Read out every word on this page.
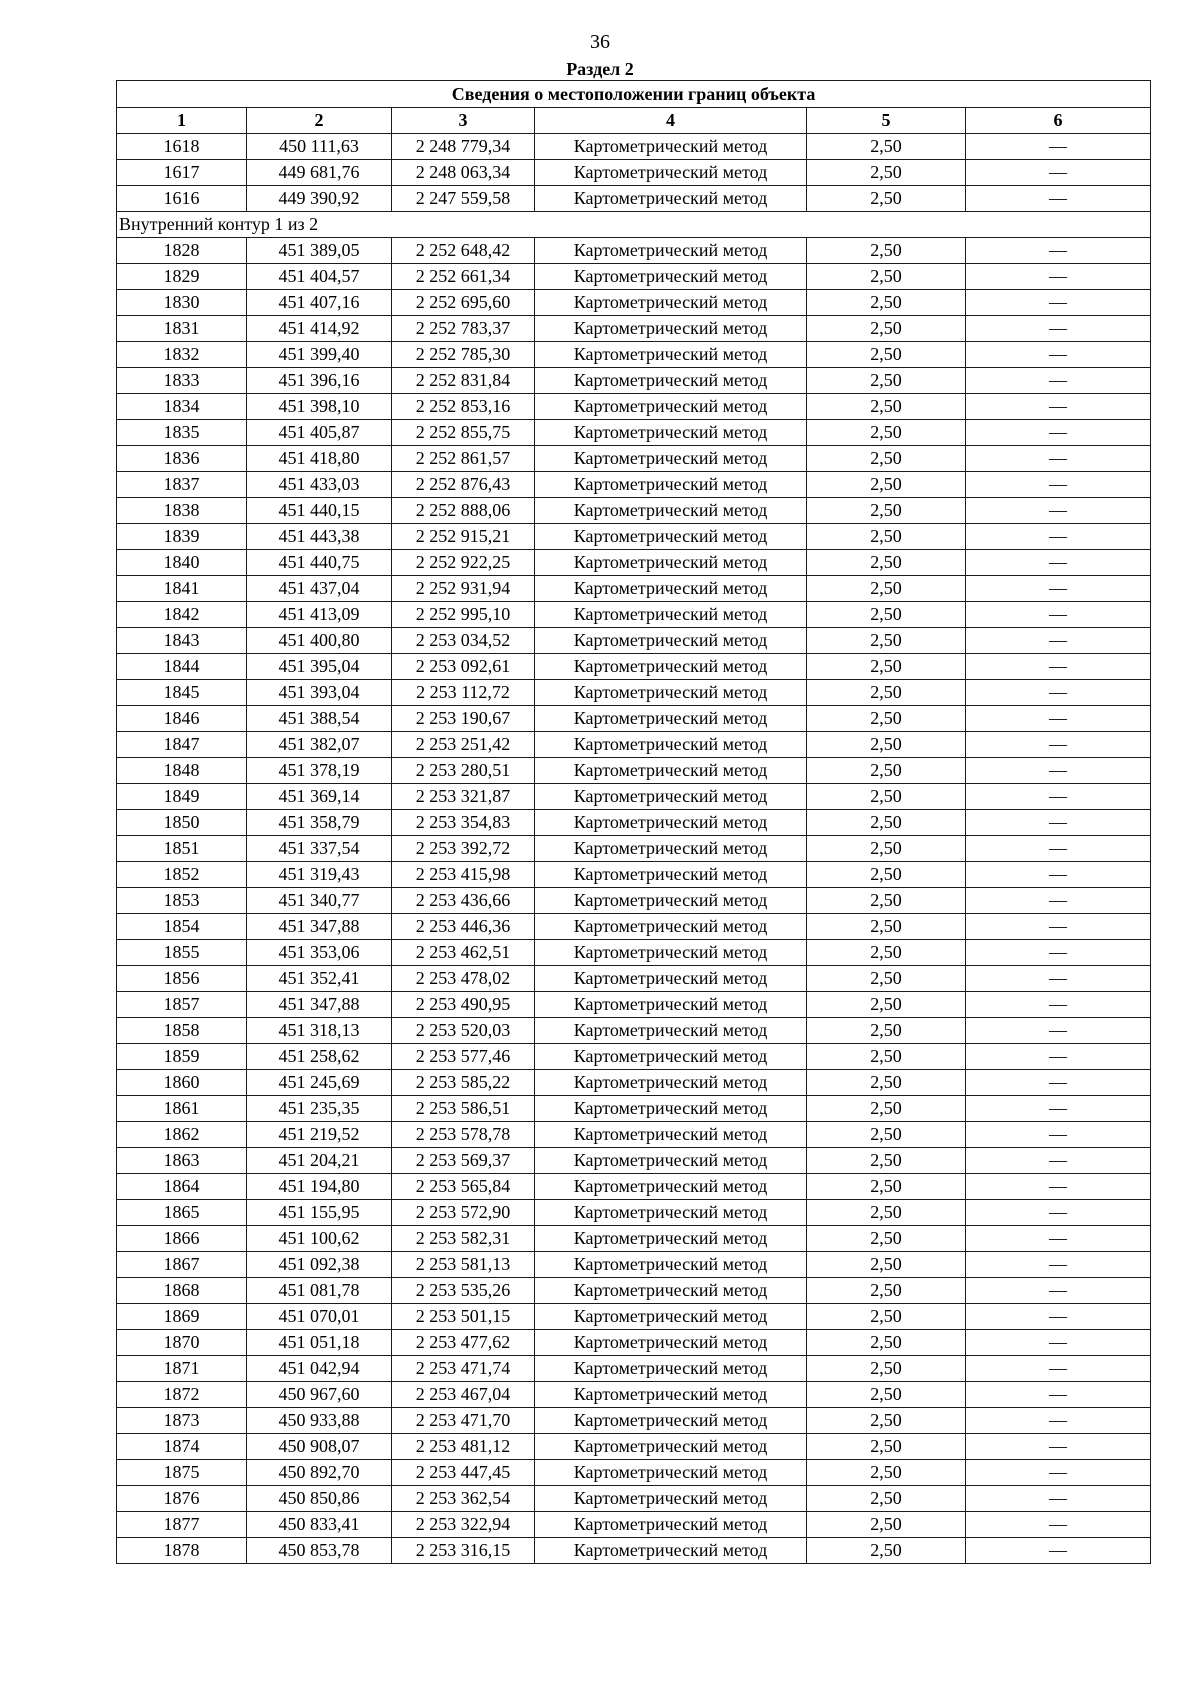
36
Раздел 2
Сведения о местоположении границ объекта					
1	2	3	4	5	6
1618	450 111,63	2 248 779,34	Картометрический метод	2,50	—
1617	449 681,76	2 248 063,34	Картометрический метод	2,50	—
1616	449 390,92	2 247 559,58	Картометрический метод	2,50	—
Внутренний контур 1 из 2					
1828	451 389,05	2 252 648,42	Картометрический метод	2,50	—
1829	451 404,57	2 252 661,34	Картометрический метод	2,50	—
1830	451 407,16	2 252 695,60	Картометрический метод	2,50	—
1831	451 414,92	2 252 783,37	Картометрический метод	2,50	—
1832	451 399,40	2 252 785,30	Картометрический метод	2,50	—
1833	451 396,16	2 252 831,84	Картометрический метод	2,50	—
1834	451 398,10	2 252 853,16	Картометрический метод	2,50	—
1835	451 405,87	2 252 855,75	Картометрический метод	2,50	—
1836	451 418,80	2 252 861,57	Картометрический метод	2,50	—
1837	451 433,03	2 252 876,43	Картометрический метод	2,50	—
1838	451 440,15	2 252 888,06	Картометрический метод	2,50	—
1839	451 443,38	2 252 915,21	Картометрический метод	2,50	—
1840	451 440,75	2 252 922,25	Картометрический метод	2,50	—
1841	451 437,04	2 252 931,94	Картометрический метод	2,50	—
1842	451 413,09	2 252 995,10	Картометрический метод	2,50	—
1843	451 400,80	2 253 034,52	Картометрический метод	2,50	—
1844	451 395,04	2 253 092,61	Картометрический метод	2,50	—
1845	451 393,04	2 253 112,72	Картометрический метод	2,50	—
1846	451 388,54	2 253 190,67	Картометрический метод	2,50	—
1847	451 382,07	2 253 251,42	Картометрический метод	2,50	—
1848	451 378,19	2 253 280,51	Картометрический метод	2,50	—
1849	451 369,14	2 253 321,87	Картометрический метод	2,50	—
1850	451 358,79	2 253 354,83	Картометрический метод	2,50	—
1851	451 337,54	2 253 392,72	Картометрический метод	2,50	—
1852	451 319,43	2 253 415,98	Картометрический метод	2,50	—
1853	451 340,77	2 253 436,66	Картометрический метод	2,50	—
1854	451 347,88	2 253 446,36	Картометрический метод	2,50	—
1855	451 353,06	2 253 462,51	Картометрический метод	2,50	—
1856	451 352,41	2 253 478,02	Картометрический метод	2,50	—
1857	451 347,88	2 253 490,95	Картометрический метод	2,50	—
1858	451 318,13	2 253 520,03	Картометрический метод	2,50	—
1859	451 258,62	2 253 577,46	Картометрический метод	2,50	—
1860	451 245,69	2 253 585,22	Картометрический метод	2,50	—
1861	451 235,35	2 253 586,51	Картометрический метод	2,50	—
1862	451 219,52	2 253 578,78	Картометрический метод	2,50	—
1863	451 204,21	2 253 569,37	Картометрический метод	2,50	—
1864	451 194,80	2 253 565,84	Картометрический метод	2,50	—
1865	451 155,95	2 253 572,90	Картометрический метод	2,50	—
1866	451 100,62	2 253 582,31	Картометрический метод	2,50	—
1867	451 092,38	2 253 581,13	Картометрический метод	2,50	—
1868	451 081,78	2 253 535,26	Картометрический метод	2,50	—
1869	451 070,01	2 253 501,15	Картометрический метод	2,50	—
1870	451 051,18	2 253 477,62	Картометрический метод	2,50	—
1871	451 042,94	2 253 471,74	Картометрический метод	2,50	—
1872	450 967,60	2 253 467,04	Картометрический метод	2,50	—
1873	450 933,88	2 253 471,70	Картометрический метод	2,50	—
1874	450 908,07	2 253 481,12	Картометрический метод	2,50	—
1875	450 892,70	2 253 447,45	Картометрический метод	2,50	—
1876	450 850,86	2 253 362,54	Картометрический метод	2,50	—
1877	450 833,41	2 253 322,94	Картометрический метод	2,50	—
1878	450 853,78	2 253 316,15	Картометрический метод	2,50	—
